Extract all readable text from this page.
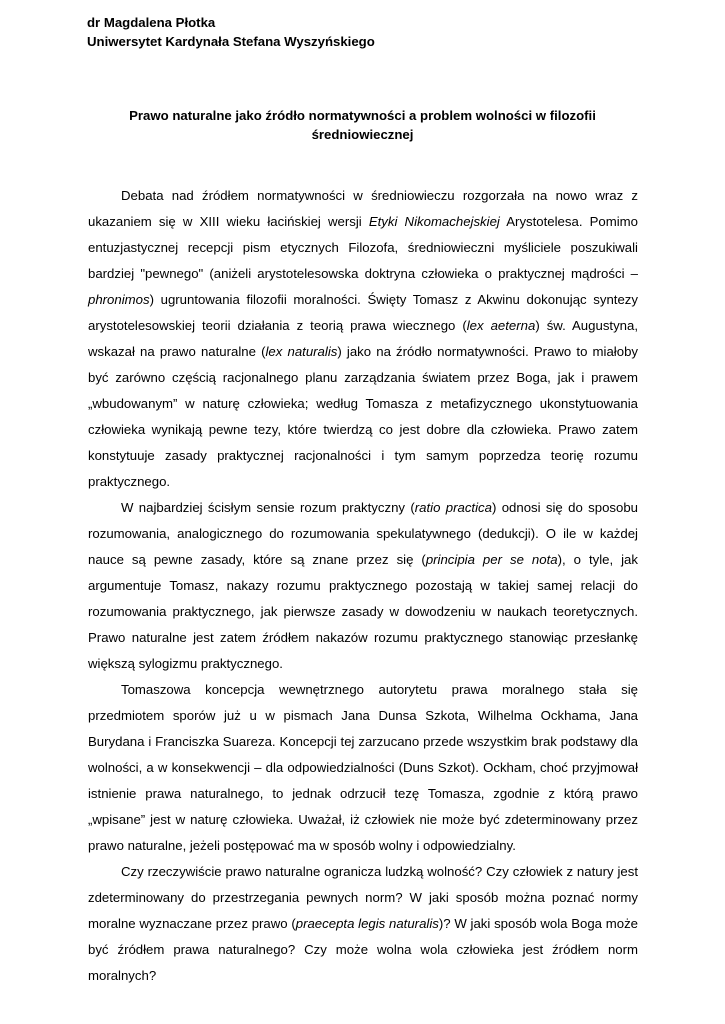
dr Magdalena Płotka
Uniwersytet Kardynała Stefana Wyszyńskiego
Prawo naturalne jako źródło normatywności a problem wolności w filozofii
średniowiecznej

Debata nad źródłem normatywności w średniowieczu rozgorzała na nowo wraz z ukazaniem się w XIII wieku łacińskiej wersji Etyki Nikomachejskiej Arystotelesa. Pomimo entuzjastycznej recepcji pism etycznych Filozofa, średniowieczni myśliciele poszukiwali bardziej "pewnego" (aniżeli arystotelesowska doktryna człowieka o praktycznej mądrości – phronimos) ugruntowania filozofii moralności. Święty Tomasz z Akwinu dokonując syntezy arystotelesowskiej teorii działania z teorią prawa wiecznego (lex aeterna) św. Augustyna, wskazał na prawo naturalne (lex naturalis) jako na źródło normatywności. Prawo to miałoby być zarówno częścią racjonalnego planu zarządzania światem przez Boga, jak i prawem „wbudowanym” w naturę człowieka; według Tomasza z metafizycznego ukonstytuowania człowieka wynikają pewne tezy, które twierdzą co jest dobre dla człowieka. Prawo zatem konstytuuje zasady praktycznej racjonalności i tym samym poprzedza teorię rozumu praktycznego.

W najbardziej ścisłym sensie rozum praktyczny (ratio practica) odnosi się do sposobu rozumowania, analogicznego do rozumowania spekulatywnego (dedukcji). O ile w każdej nauce są pewne zasady, które są znane przez się (principia per se nota), o tyle, jak argumentuje Tomasz, nakazy rozumu praktycznego pozostają w takiej samej relacji do rozumowania praktycznego, jak pierwsze zasady w dowodzeniu w naukach teoretycznych. Prawo naturalne jest zatem źródłem nakazów rozumu praktycznego stanowiąc przesłankę większą sylogizmu praktycznego.

Tomaszowa koncepcja wewnętrznego autorytetu prawa moralnego stała się przedmiotem sporów już u w pismach Jana Dunsa Szkota, Wilhelma Ockhama, Jana Burydana i Franciszka Suareza. Koncepcji tej zarzucano przede wszystkim brak podstawy dla wolności, a w konsekwencji – dla odpowiedzialności (Duns Szkot). Ockham, choć przyjmował istnienie prawa naturalnego, to jednak odrzucił tezę Tomasza, zgodnie z którą prawo „wpisane” jest w naturę człowieka. Uważał, iż człowiek nie może być zdeterminowany przez prawo naturalne, jeżeli postępować ma w sposób wolny i odpowiedzialny.

Czy rzeczywiście prawo naturalne ogranicza ludzką wolność? Czy człowiek z natury jest zdeterminowany do przestrzegania pewnych norm? W jaki sposób można poznać normy moralne wyznaczane przez prawo (praecepta legis naturalis)? W jaki sposób wola Boga może być źródłem prawa naturalnego? Czy może wolna wola człowieka jest źródłem norm moralnych?
